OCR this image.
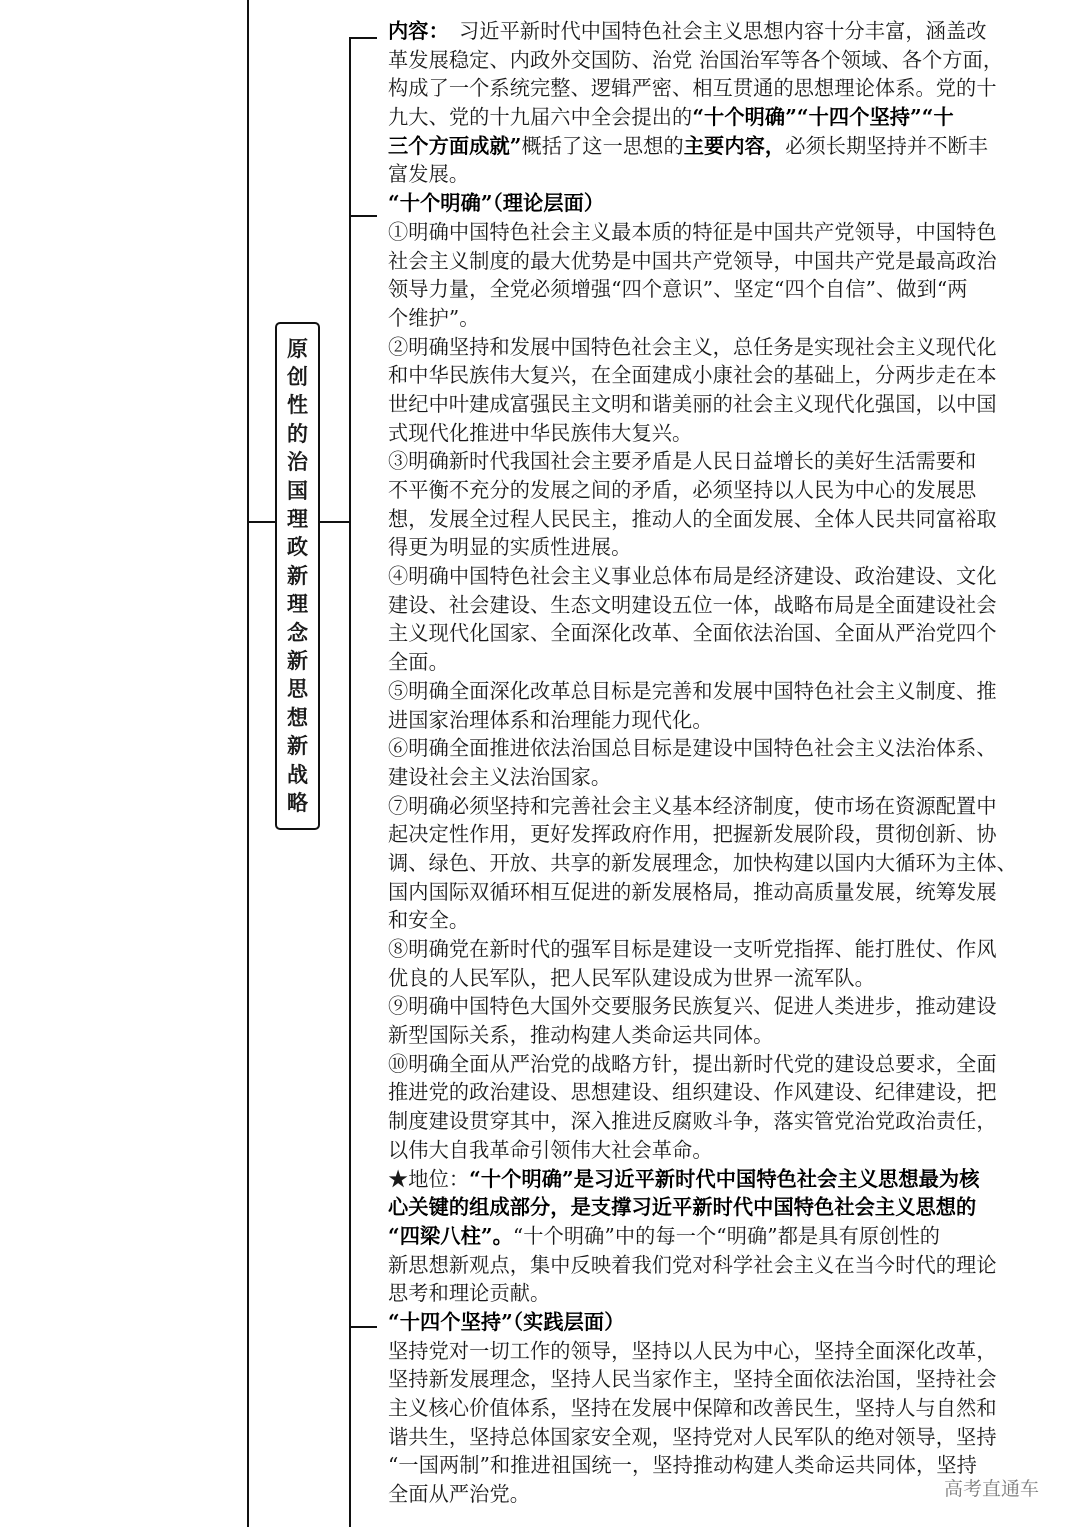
原
创
性
的
治
国
理
政
新
理
念
新
思
想
新
战
略
内容：　习近平新时代中国特色社会主义思想内容十分丰富，涵盖改
革发展稳定、内政外交国防、治党 治国治军等各个领域、各个方面，
构成了一个系统完整、逻辑严密、相互贯通的思想理论体系。党的十
九大、党的十九届六中全会提出的“十个明确”“十四个坚持”“十
三个方面成就”概括了这一思想的主要内容，必须长期坚持并不断丰
富发展。
“十个明确”（理论层面）
①明确中国特色社会主义最本质的特征是中国共产党领导，中国特色
社会主义制度的最大优势是中国共产党领导，中国共产党是最高政治
领导力量，全党必须增强“四个意识”、坚定“四个自信”、做到“两
个维护”。
②明确坚持和发展中国特色社会主义，总任务是实现社会主义现代化
和中华民族伟大复兴，在全面建成小康社会的基础上，分两步走在本
世纪中叶建成富强民主文明和谐美丽的社会主义现代化强国，以中国
式现代化推进中华民族伟大复兴。
③明确新时代我国社会主要矛盾是人民日益增长的美好生活需要和
不平衡不充分的发展之间的矛盾，必须坚持以人民为中心的发展思
想，发展全过程人民民主，推动人的全面发展、全体人民共同富裕取
得更为明显的实质性进展。
④明确中国特色社会主义事业总体布局是经济建设、政治建设、文化
建设、社会建设、生态文明建设五位一体，战略布局是全面建设社会
主义现代化国家、全面深化改革、全面依法治国、全面从严治党四个
全面。
⑤明确全面深化改革总目标是完善和发展中国特色社会主义制度、推
进国家治理体系和治理能力现代化。
⑥明确全面推进依法治国总目标是建设中国特色社会主义法治体系、
建设社会主义法治国家。
⑦明确必须坚持和完善社会主义基本经济制度，使市场在资源配置中
起决定性作用，更好发挥政府作用，把握新发展阶段，贯彻创新、协
调、绿色、开放、共享的新发展理念，加快构建以国内大循环为主体、
国内国际双循环相互促进的新发展格局，推动高质量发展，统筹发展
和安全。
⑧明确党在新时代的强军目标是建设一支听党指挥、能打胜仗、作风
优良的人民军队，把人民军队建设成为世界一流军队。
⑨明确中国特色大国外交要服务民族复兴、促进人类进步，推动建设
新型国际关系，推动构建人类命运共同体。
⑩明确全面从严治党的战略方针，提出新时代党的建设总要求，全面
推进党的政治建设、思想建设、组织建设、作风建设、纪律建设，把
制度建设贯穿其中，深入推进反腐败斗争，落实管党治党政治责任，
以伟大自我革命引领伟大社会革命。
★地位：“十个明确”是习近平新时代中国特色社会主义思想最为核
心关键的组成部分，是支撑习近平新时代中国特色社会主义思想的
“四梁八柱”。“十个明确”中的每一个“明确”都是具有原创性的
新思想新观点，集中反映着我们党对科学社会主义在当今时代的理论
思考和理论贡献。
“十四个坚持”（实践层面）
坚持党对一切工作的领导，坚持以人民为中心，坚持全面深化改革，
坚持新发展理念，坚持人民当家作主，坚持全面依法治国，坚持社会
主义核心价值体系，坚持在发展中保障和改善民生，坚持人与自然和
谐共生，坚持总体国家安全观，坚持党对人民军队的绝对领导，坚持
“一国两制”和推进祖国统一，坚持推动构建人类命运共同体，坚持
全面从严治党。	高考直通车
